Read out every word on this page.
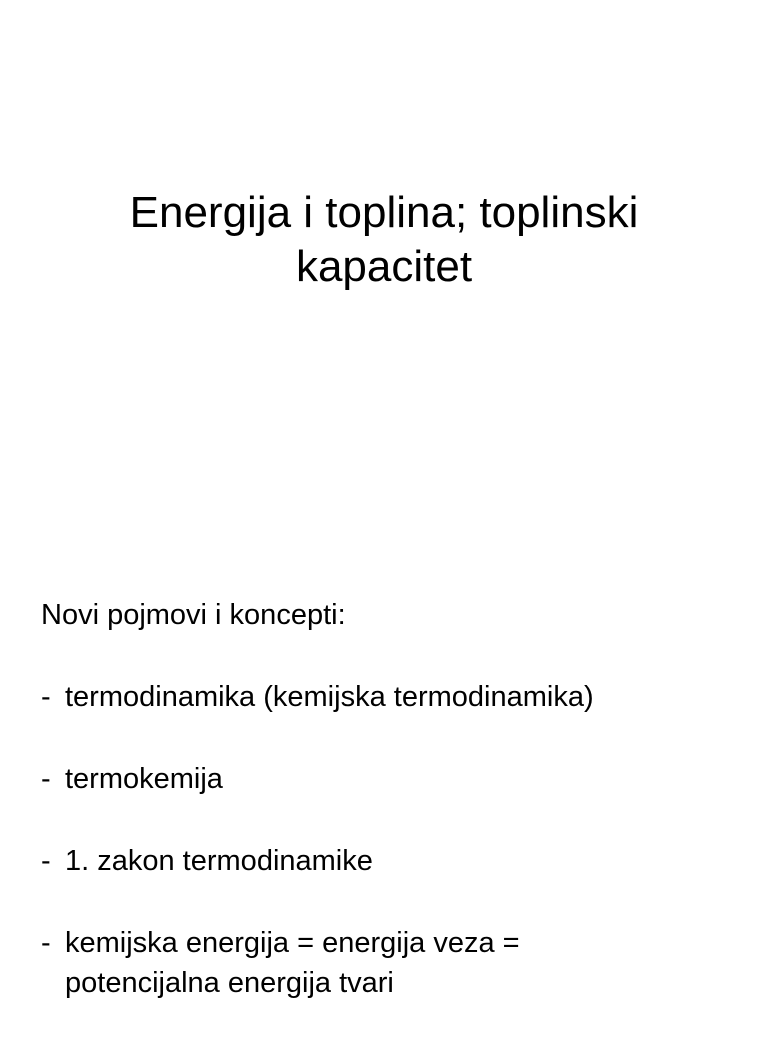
Energija i toplina; toplinski
kapacitet

Novi pojmovi i koncepti:

- termodinamika (kemijska termodinamika)
- termokemija
- 1. zakon termodinamike
- kemijska energija = energija veza =
potencijalna energija tvari
